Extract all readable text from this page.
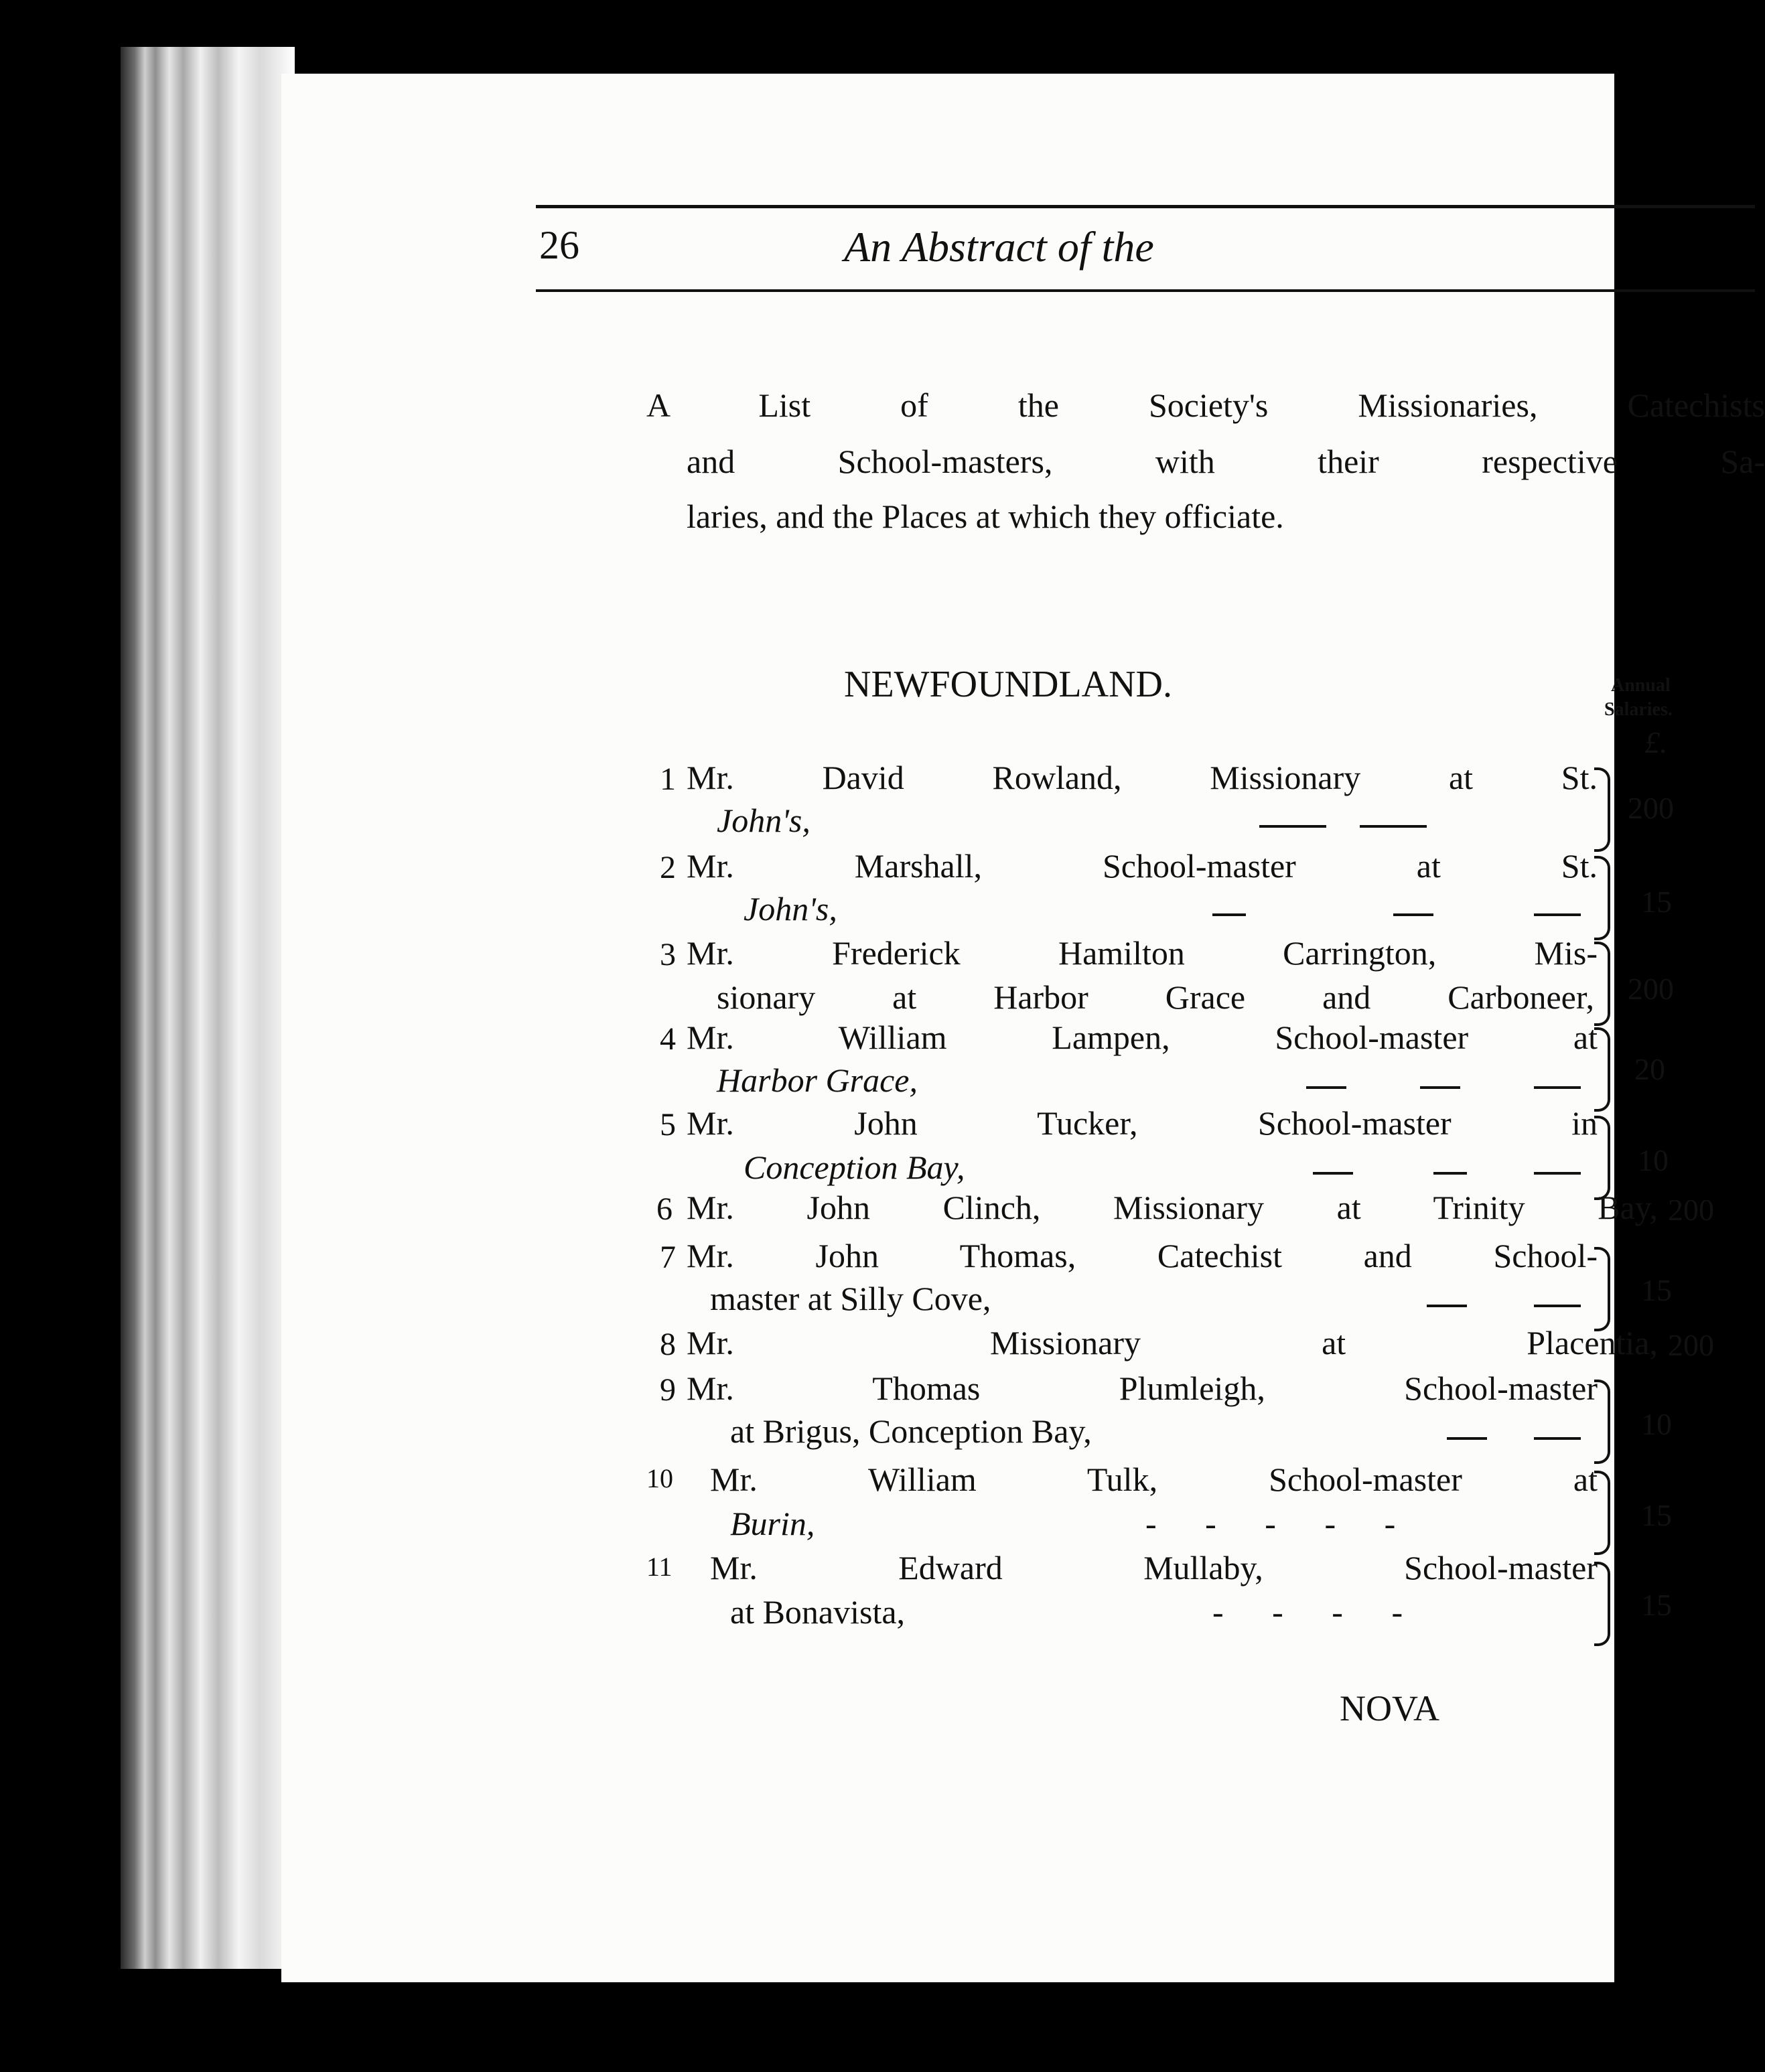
26	An Abstract of the
A List of the Society's Missionaries, Catechists
and School-masters, with their respective Sa-
laries, and the Places at which they officiate.
NEWFOUNDLAND.	Annual
Salaries.
£.
1 Mr. David Rowland, Missionary at St.
John's,	200
2 Mr. Marshall, School-master at St.
John's,	15
3 Mr. Frederick Hamilton Carrington, Mis-
sionary at Harbor Grace and Carboneer, 200
4 Mr. William Lampen, School-master at
Harbor Grace,	20
5 Mr. John Tucker, School-master in
Conception Bay,	10
6 Mr. John Clinch, Missionary at Trinity Bay, 200
7 Mr. John Thomas, Catechist and School-
master at Silly Cove,	15
8 Mr.	Missionary at Placentia, 200
9 Mr. Thomas Plumleigh, School-master
at Brigus, Conception Bay,	10
10 Mr. William Tulk, School-master at
Burin,	- - - - -	15
11 Mr. Edward Mullaby, School-master
at Bonavista,	- - - -	15
NOVA
